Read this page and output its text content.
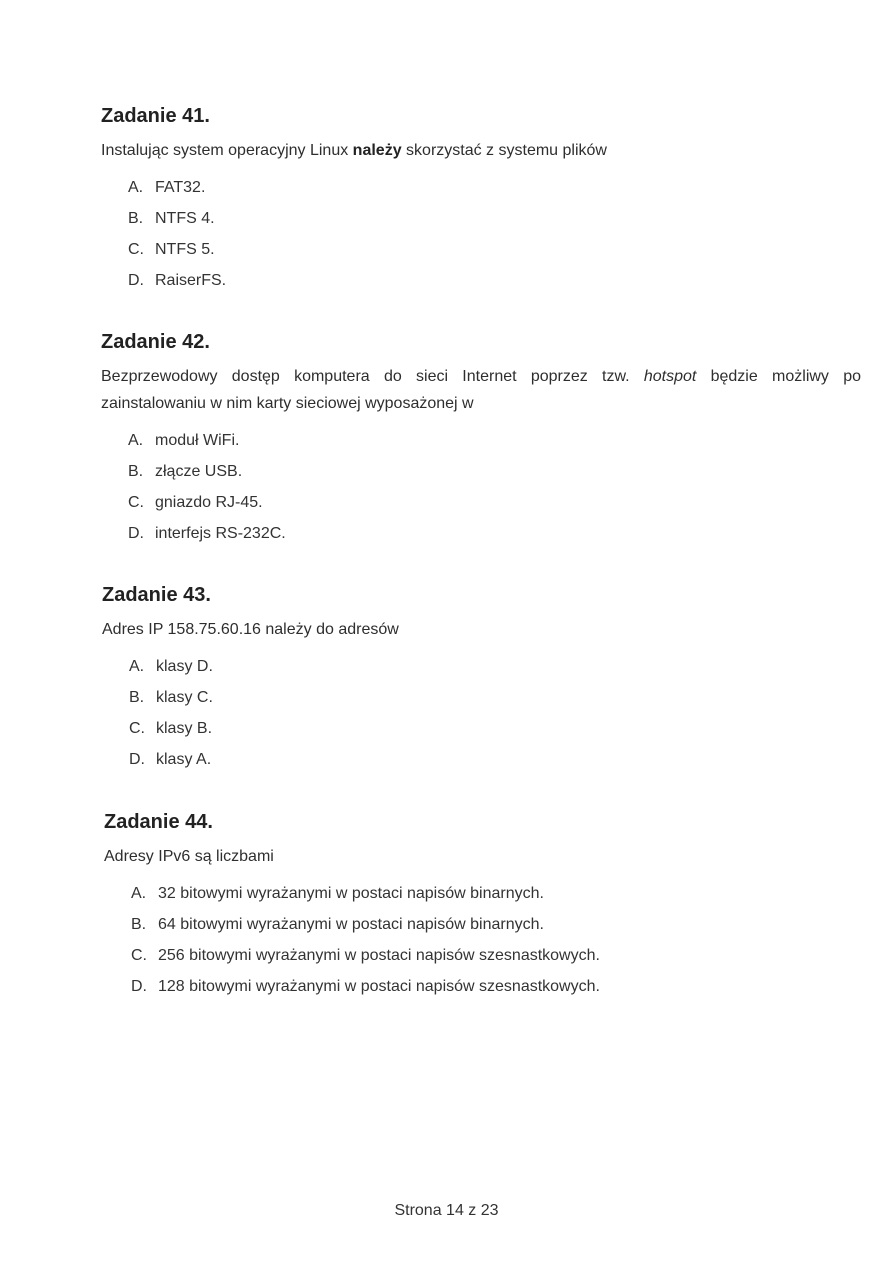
Zadanie 41.

Instalując system operacyjny Linux należy skorzystać z systemu plików

A. FAT32.
B. NTFS 4.
C. NTFS 5.
D. RaiserFS.
Zadanie 42.

Bezprzewodowy dostęp komputera do sieci Internet poprzez tzw. hotspot będzie możliwy po zainstalowaniu w nim karty sieciowej wyposażonej w

A. moduł WiFi.
B. złącze USB.
C. gniazdo RJ-45.
D. interfejs RS-232C.
Zadanie 43.

Adres IP 158.75.60.16 należy do adresów

A. klasy D.
B. klasy C.
C. klasy B.
D. klasy A.
Zadanie 44.

Adresy IPv6 są liczbami

A. 32 bitowymi wyrażanymi w postaci napisów binarnych.
B. 64 bitowymi wyrażanymi w postaci napisów binarnych.
C. 256 bitowymi wyrażanymi w postaci napisów szesnastkowych.
D. 128 bitowymi wyrażanymi w postaci napisów szesnastkowych.
Strona 14 z 23
